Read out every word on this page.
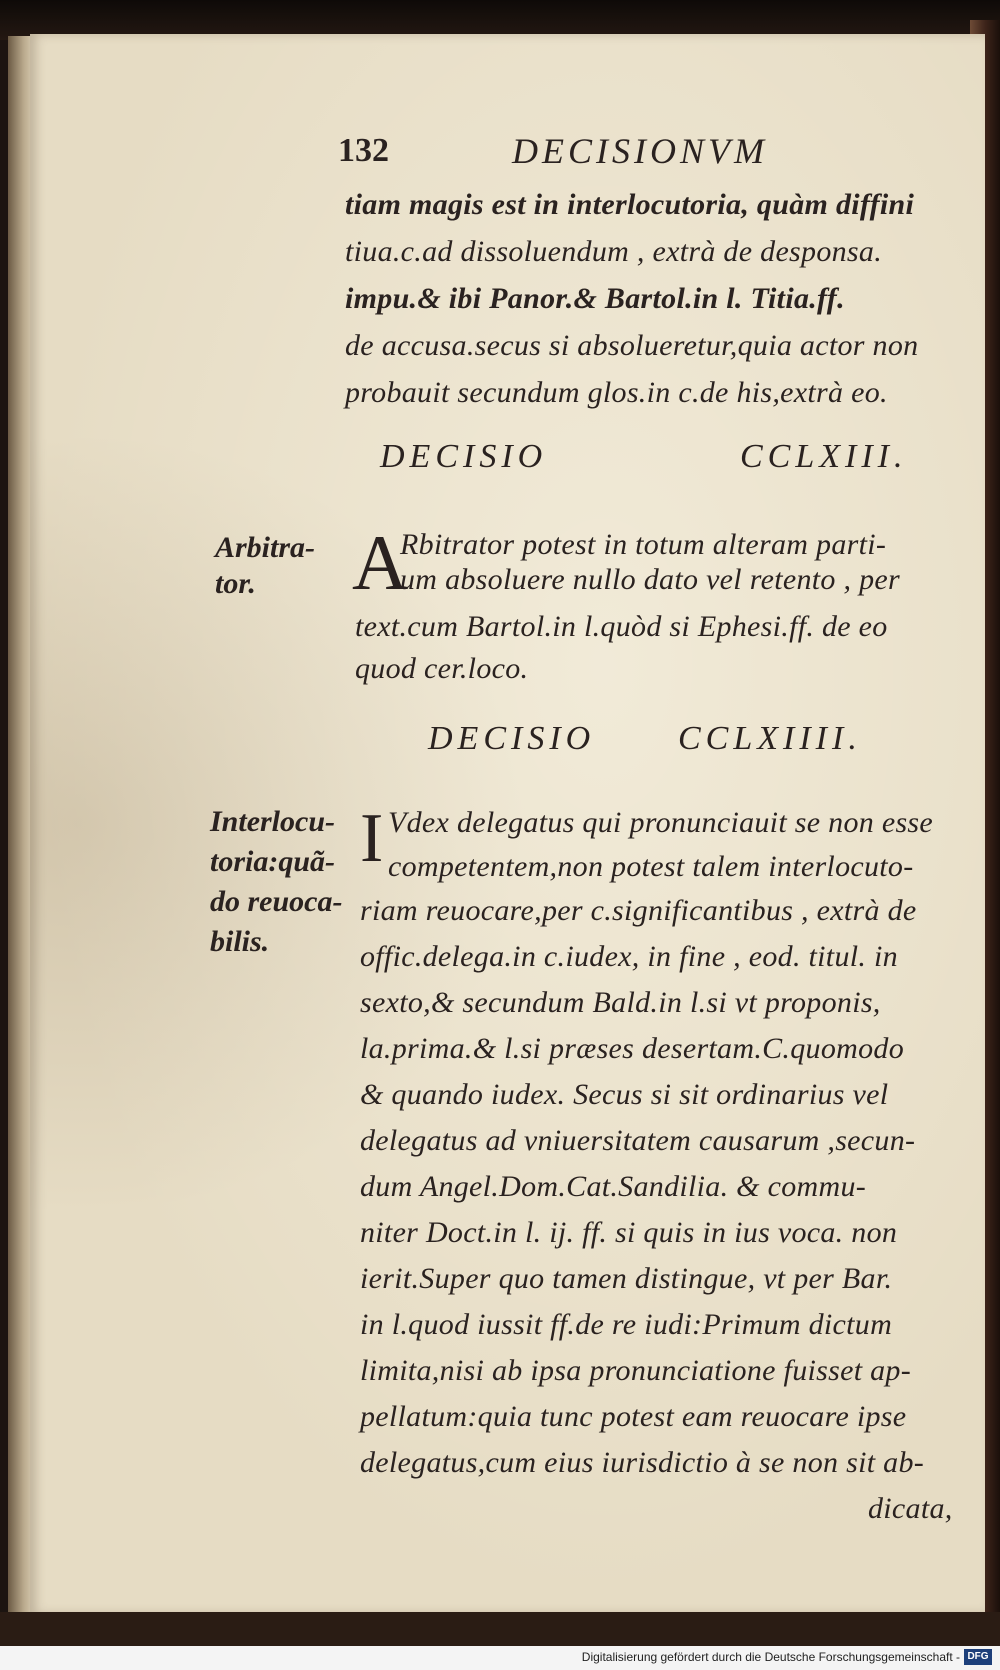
132	DECISIONVM
tiam magis est in interlocutoria, quàm diffini
tiua.c.ad dissoluendum , extrà de desponsa.
impu.& ibi Panor.& Bartol.in l. Titia.ff.
de accusa.secus si absolueretur,quia actor non
probauit secundum glos.in c.de his,extrà eo.
DECISIO	CCLXIII.
Arbitra-
tor.	A
Rbitrator potest in totum alteram parti-
um absoluere nullo dato vel retento , per
text.cum Bartol.in l.quòd si Ephesi.ff. de eo
quod cer.loco.
DECISIO CCLXIIII.
Interlocu-
toria:quã-
do reuoca-
bilis.
I Vdex delegatus qui pronunciauit se non esse
competentem,non potest talem interlocuto-
riam reuocare,per c.significantibus , extrà de
offic.delega.in c.iudex, in fine , eod. titul. in
sexto,& secundum Bald.in l.si vt proponis,
la.prima.& l.si præses desertam.C.quomodo
& quando iudex. Secus si sit ordinarius vel
delegatus ad vniuersitatem causarum ,secun-
dum Angel.Dom.Cat.Sandilia. & commu-
niter Doct.in l. ij. ff. si quis in ius voca. non
ierit.Super quo tamen distingue, vt per Bar.
in l.quod iussit ff.de re iudi:Primum dictum
limita,nisi ab ipsa pronunciatione fuisset ap-
pellatum:quia tunc potest eam reuocare ipse
delegatus,cum eius iurisdictio à se non sit ab-
dicata,
Digitalisierung gefördert durch die Deutsche Forschungsgemeinschaft - DFG
